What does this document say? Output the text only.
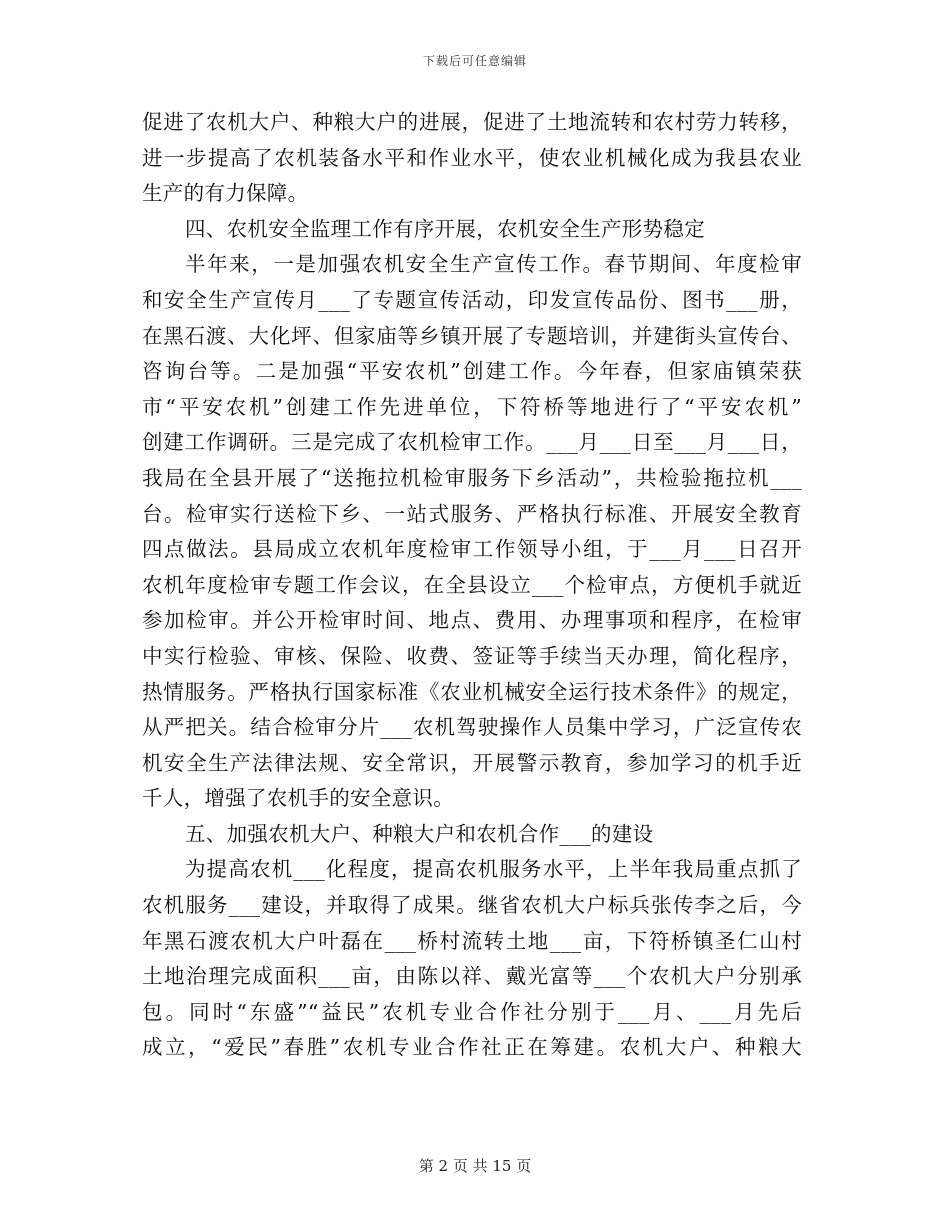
下载后可任意编辑
促进了农机大户、种粮大户的进展，促进了土地流转和农村劳力转移，
进一步提高了农机装备水平和作业水平，使农业机械化成为我县农业
生产的有力保障。
四、农机安全监理工作有序开展，农机安全生产形势稳定
半年来，一是加强农机安全生产宣传工作。春节期间、年度检审
和安全生产宣传月___了专题宣传活动，印发宣传品份、图书___册，
在黑石渡、大化坪、但家庙等乡镇开展了专题培训，并建街头宣传台、
咨询台等。二是加强“平安农机”创建工作。今年春，但家庙镇荣获
市“平安农机”创建工作先进单位，下符桥等地进行了“平安农机”
创建工作调研。三是完成了农机检审工作。___月___日至___月___日，
我局在全县开展了“送拖拉机检审服务下乡活动”，共检验拖拉机___
台。检审实行送检下乡、一站式服务、严格执行标准、开展安全教育
四点做法。县局成立农机年度检审工作领导小组，于___月___日召开
农机年度检审专题工作会议，在全县设立___个检审点，方便机手就近
参加检审。并公开检审时间、地点、费用、办理事项和程序，在检审
中实行检验、审核、保险、收费、签证等手续当天办理，简化程序，
热情服务。严格执行国家标准《农业机械安全运行技术条件》的规定，
从严把关。结合检审分片___农机驾驶操作人员集中学习，广泛宣传农
机安全生产法律法规、安全常识，开展警示教育，参加学习的机手近
千人，增强了农机手的安全意识。
五、加强农机大户、种粮大户和农机合作___的建设
为提高农机___化程度，提高农机服务水平，上半年我局重点抓了
农机服务___建设，并取得了成果。继省农机大户标兵张传李之后，今
年黑石渡农机大户叶磊在___桥村流转土地___亩，下符桥镇圣仁山村
土地治理完成面积___亩，由陈以祥、戴光富等___个农机大户分别承
包。同时“东盛”“益民”农机专业合作社分别于___月、___月先后
成立，“爱民”春胜”农机专业合作社正在筹建。农机大户、种粮大
第 2 页 共 15 页
